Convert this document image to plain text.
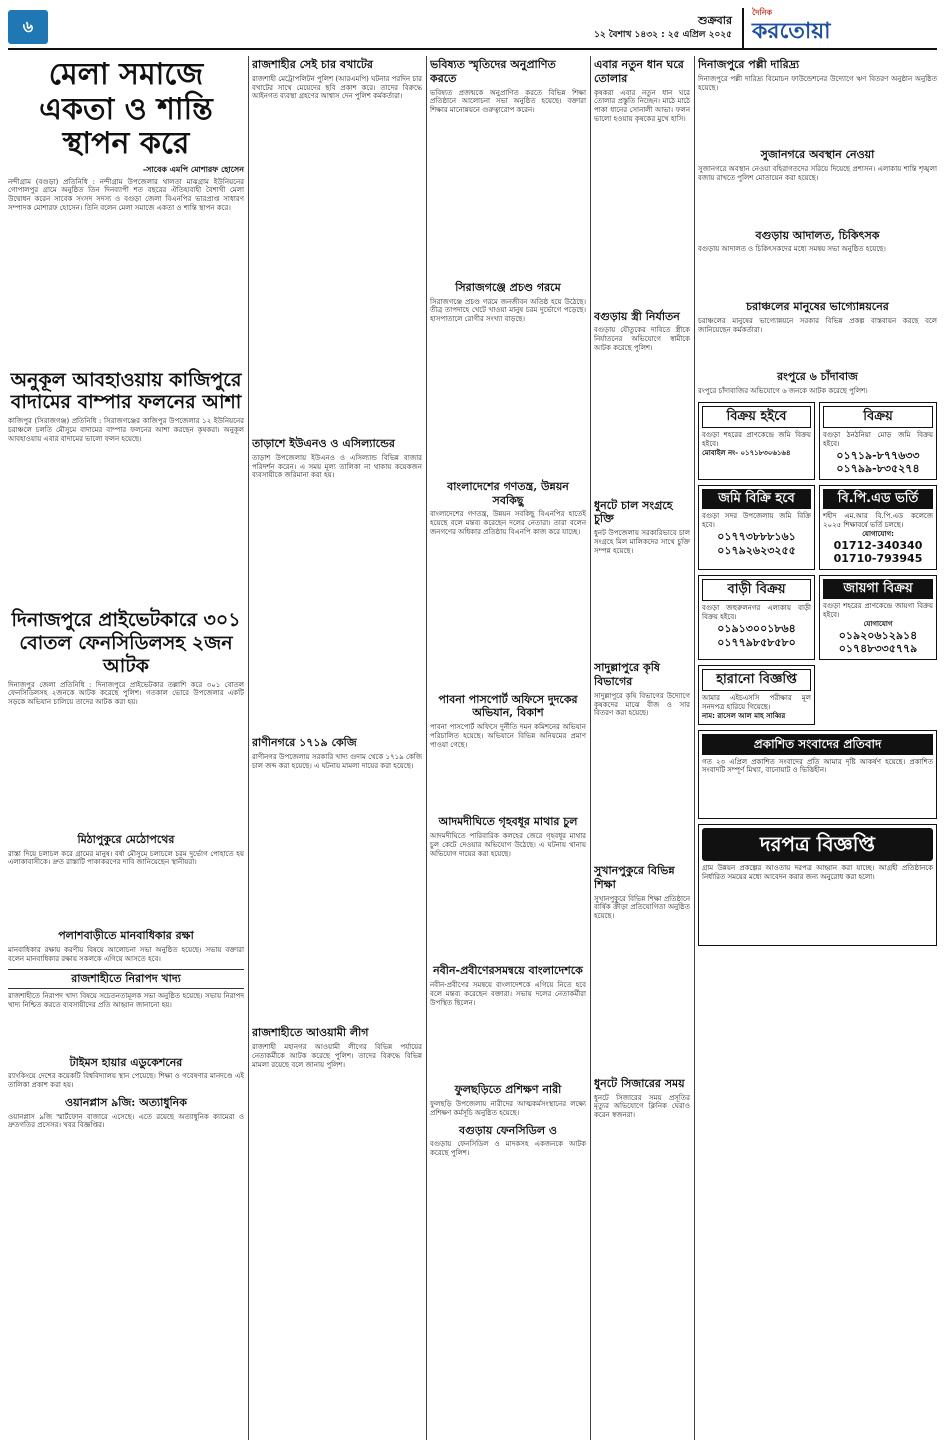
৬	শুক্রবার
১২ বৈশাখ ১৪৩২ : ২৫ এপ্রিল ২০২৫
দৈনিক
করতোয়া
মেলা সমাজে একতা ও শান্তি স্থাপন করে
-সাবেক এমপি মোশারফ হোসেন
নন্দীগ্রাম (বগুড়া) প্রতিনিধি : নন্দীগ্রাম উপজেলার থালতা মাঝগ্রাম ইউনিয়নের গোপালপুর গ্রামে অনুষ্ঠিত তিন দিনব্যাপী শত বছরের ঐতিহ্যবাহী বৈশাখী মেলা উদ্বোধন করেন সাবেক সংসদ সদস্য ও বগুড়া জেলা বিএনপির ভারপ্রাপ্ত সাধারণ সম্পাদক মোশারফ হোসেন। তিনি বলেন মেলা সমাজে একতা ও শান্তি স্থাপন করে।
অনুকূল আবহাওয়ায় কাজিপুরে বাদামের বাম্পার ফলনের আশা
কাজিপুর (সিরাজগঞ্জ) প্রতিনিধি : সিরাজগঞ্জের কাজিপুর উপজেলার ১২ ইউনিয়নের চরাঞ্চলে চলতি মৌসুমে বাদামের বাম্পার ফলনের আশা করছেন কৃষকরা। অনুকূল আবহাওয়ায় এবার বাদামের ভালো ফলন হয়েছে।
দিনাজপুরে প্রাইভেটকারে ৩০১ বোতল ফেনসিডিলসহ ২জন আটক
দিনাজপুর জেলা প্রতিনিধি : দিনাজপুরে প্রাইভেটকার তল্লাশি করে ৩০১ বোতল ফেনসিডিলসহ ২জনকে আটক করেছে পুলিশ। গতকাল ভোরে উপজেলার একটি সড়কে অভিযান চালিয়ে তাদের আটক করা হয়।
মিঠাপুকুরে মেঠোপথের
রাস্তা দিয়ে চলাচল করে গ্রামের মানুষ। বর্ষা মৌসুমে চলাচলে চরম দুর্ভোগ পোহাতে হয় এলাকাবাসীকে। দ্রুত রাস্তাটি পাকাকরণের দাবি জানিয়েছেন স্থানীয়রা।
পলাশবাড়ীতে মানবাধিকার রক্ষা
মানবাধিকার রক্ষায় করণীয় বিষয়ে আলোচনা সভা অনুষ্ঠিত হয়েছে। সভায় বক্তারা বলেন মানবাধিকার রক্ষায় সকলকে এগিয়ে আসতে হবে।
রাজশাহীতে নিরাপদ খাদ্য
রাজশাহীতে নিরাপদ খাদ্য বিষয়ে সচেতনতামূলক সভা অনুষ্ঠিত হয়েছে। সভায় নিরাপদ খাদ্য নিশ্চিত করতে ব্যবসায়ীদের প্রতি আহ্বান জানানো হয়।
টাইমস হায়ার এডুকেশনের
র‌্যাংকিংয়ে দেশের কয়েকটি বিশ্ববিদ্যালয় স্থান পেয়েছে। শিক্ষা ও গবেষণার মানদণ্ডে এই তালিকা প্রকাশ করা হয়।
ওয়ানপ্লাস ৯জি: অত্যাধুনিক
ওয়ানপ্লাস ৯জি স্মার্টফোন বাজারে এসেছে। এতে রয়েছে অত্যাধুনিক ক্যামেরা ও দ্রুতগতির প্রসেসর। খবর বিজ্ঞপ্তির।
রাজশাহীর সেই চার বখাটের
রাজশাহী মেট্রোপলিটন পুলিশ (আরএমপি) ঘটনার পরদিন চার বখাটের সাথে মেয়েদের ছবি প্রকাশ করে। তাদের বিরুদ্ধে আইনগত ব্যবস্থা গ্রহণের আশ্বাস দেন পুলিশ কর্মকর্তারা।
তাড়াশে ইউএনও ও এসিল্যান্ডের
তাড়াশ উপজেলায় ইউএনও ও এসিল্যান্ড বিভিন্ন বাজার পরিদর্শন করেন। এ সময় মূল্য তালিকা না থাকায় কয়েকজন ব্যবসায়ীকে জরিমানা করা হয়।
রাণীনগরে ১৭১৯ কেজি
রাণীনগর উপজেলায় সরকারি খাদ্য গুদাম থেকে ১৭১৯ কেজি চাল জব্দ করা হয়েছে। এ ঘটনায় মামলা দায়ের করা হয়েছে।
রাজশাহীতে আওয়ামী লীগ
রাজশাহী মহানগর আওয়ামী লীগের বিভিন্ন পর্যায়ের নেতাকর্মীকে আটক করেছে পুলিশ। তাদের বিরুদ্ধে বিভিন্ন মামলা রয়েছে বলে জানায় পুলিশ।
ভবিষ্যত স্মৃতিদের অনুপ্রাণিত করতে
ভবিষ্যত প্রজন্মকে অনুপ্রাণিত করতে বিভিন্ন শিক্ষা প্রতিষ্ঠানে আলোচনা সভা অনুষ্ঠিত হয়েছে। বক্তারা শিক্ষার মানোন্নয়নে গুরুত্বারোপ করেন।
সিরাজগঞ্জে প্রচণ্ড গরমে
সিরাজগঞ্জে প্রচণ্ড গরমে জনজীবন অতিষ্ঠ হয়ে উঠেছে। তীব্র তাপদাহে খেটে খাওয়া মানুষ চরম দুর্ভোগে পড়েছে। হাসপাতালে রোগীর সংখ্যা বাড়ছে।
বাংলাদেশের গণতন্ত্র, উন্নয়ন সবকিছু
বাংলাদেশের গণতন্ত্র, উন্নয়ন সবকিছু বিএনপির হাতেই হয়েছে বলে মন্তব্য করেছেন দলের নেতারা। তারা বলেন জনগণের অধিকার প্রতিষ্ঠায় বিএনপি কাজ করে যাচ্ছে।
পাবনা পাসপোর্ট অফিসে দুদকের অভিযান, বিকাশ
পাবনা পাসপোর্ট অফিসে দুর্নীতি দমন কমিশনের অভিযান পরিচালিত হয়েছে। অভিযানে বিভিন্ন অনিয়মের প্রমাণ পাওয়া গেছে।
আদমদীঘিতে গৃহবধূর মাথার চুল
আদমদীঘিতে পারিবারিক কলহের জেরে গৃহবধূর মাথার চুল কেটে দেওয়ার অভিযোগ উঠেছে। এ ঘটনায় থানায় অভিযোগ দায়ের করা হয়েছে।
নবীন-প্রবীণেরসমন্বয়ে বাংলাদেশকে
নবীন-প্রবীণের সমন্বয়ে বাংলাদেশকে এগিয়ে নিতে হবে বলে মন্তব্য করেছেন বক্তারা। সভায় দলের নেতাকর্মীরা উপস্থিত ছিলেন।
ফুলছড়িতে প্রশিক্ষণ নারী
ফুলছড়ি উপজেলায় নারীদের আত্মকর্মসংস্থানের লক্ষ্যে প্রশিক্ষণ কর্মসূচি অনুষ্ঠিত হয়েছে।
বগুড়ায় ফেনসিডিল ও
বগুড়ায় ফেনসিডিল ও মাদকসহ একজনকে আটক করেছে পুলিশ।
এবার নতুন ধান ঘরে তোলার
কৃষকরা এবার নতুন ধান ঘরে তোলার প্রস্তুতি নিচ্ছেন। মাঠে মাঠে পাকা ধানের সোনালী আভা। ফলন ভালো হওয়ায় কৃষকের মুখে হাসি।
বগুড়ায় স্ত্রী নির্যাতন
বগুড়ায় যৌতুকের দাবিতে স্ত্রীকে নির্যাতনের অভিযোগে স্বামীকে আটক করেছে পুলিশ।
ধুনটে চাল সংগ্রহে চুক্তি
ধুনট উপজেলায় সরকারিভাবে চাল সংগ্রহে মিল মালিকদের সাথে চুক্তি সম্পন্ন হয়েছে।
সাদুল্লাপুরে কৃষি বিভাগের
সাদুল্লাপুরে কৃষি বিভাগের উদ্যোগে কৃষকদের মাঝে বীজ ও সার বিতরণ করা হয়েছে।
সুখানপুকুরে বিভিন্ন শিক্ষা
সুখানপুকুরে বিভিন্ন শিক্ষা প্রতিষ্ঠানে বার্ষিক ক্রীড়া প্রতিযোগিতা অনুষ্ঠিত হয়েছে।
ধুনটে সিজারের সময়
ধুনটে সিজারের সময় প্রসূতির মৃত্যুর অভিযোগে ক্লিনিক ঘেরাও করেন স্বজনরা।
দিনাজপুরে পল্লী দারিদ্র্য
দিনাজপুরে পল্লী দারিদ্র্য বিমোচন ফাউন্ডেশনের উদ্যোগে ঋণ বিতরণ অনুষ্ঠান অনুষ্ঠিত হয়েছে।
সুজানগরে অবস্থান নেওয়া
সুজানগরে অবস্থান নেওয়া বহিরাগতদের সরিয়ে দিয়েছে প্রশাসন। এলাকায় শান্তি শৃঙ্খলা বজায় রাখতে পুলিশ মোতায়েন করা হয়েছে।
বগুড়ায় আদালত, চিকিৎসক
বগুড়ায় আদালত ও চিকিৎসকদের মধ্যে সমন্বয় সভা অনুষ্ঠিত হয়েছে।
চরাঞ্চলের মানুষের ভাগ্যোন্নয়নের
চরাঞ্চলের মানুষের ভাগ্যোন্নয়নে সরকার বিভিন্ন প্রকল্প বাস্তবায়ন করছে বলে জানিয়েছেন কর্মকর্তারা।
রংপুরে ৬ চাঁদাবাজ
রংপুরে চাঁদাবাজির অভিযোগে ৬ জনকে আটক করেছে পুলিশ।
বিক্রয় হইবে
বগুড়া শহরের প্রাণকেন্দ্রে জমি বিক্রয় হইবে।
মোবাইল নং- ০১৭১৮৩০৬১৬৪
বিক্রয়
বগুড়া ঠনঠনিয়া মোড় জমি বিক্রয় হইবে।
০১৭১৯-৮৭৭৬৩৩
০১৭৯৯-৮৩৫২৭৪
জমি বিক্রি হবে
বগুড়া সদর উপজেলায় জমি বিক্রি হবে।
০১৭৭৩৮৮৮১৬১
০১৭৯২৬২৩২৫৫
বি.পি.এড ভর্তি
শহীদ এম.আর বি.পি.এড কলেজে ২০২৫ শিক্ষাবর্ষে ভর্তি চলছে।
যোগাযোগ:
01712-340340
01710-793945
বাড়ী বিক্রয়
বগুড়া জহুরুলনগর এলাকায় বাড়ী বিক্রয় হইবে।
০১৯১৩০০১৮৬৪
০১৭৭৯৮৫৮৫৮০
জায়গা বিক্রয়
বগুড়া শহরের প্রাণকেন্দ্রে জায়গা বিক্রয় হইবে।
যোগাযোগ
০১৯২০৬১২৯১৪
০১৭৪৮৩৩৫৭৭৯
হারানো বিজ্ঞপ্তি
আমার এইচএসসি পরীক্ষার মূল সনদপত্র হারিয়ে গিয়েছে।
নাম: রাসেল আল মাহ সাব্বির
প্রকাশিত সংবাদের প্রতিবাদ
গত ২৩ এপ্রিল প্রকাশিত সংবাদের প্রতি আমার দৃষ্টি আকর্ষণ হয়েছে। প্রকাশিত সংবাদটি সম্পূর্ণ মিথ্যা, বানোয়াট ও ভিত্তিহীন।
দরপত্র বিজ্ঞপ্তি
গ্রাম উন্নয়ন প্রকল্পের আওতায় দরপত্র আহ্বান করা যাচ্ছে। আগ্রহী প্রতিষ্ঠানকে নির্ধারিত সময়ের মধ্যে আবেদন করার জন্য অনুরোধ করা হলো।
